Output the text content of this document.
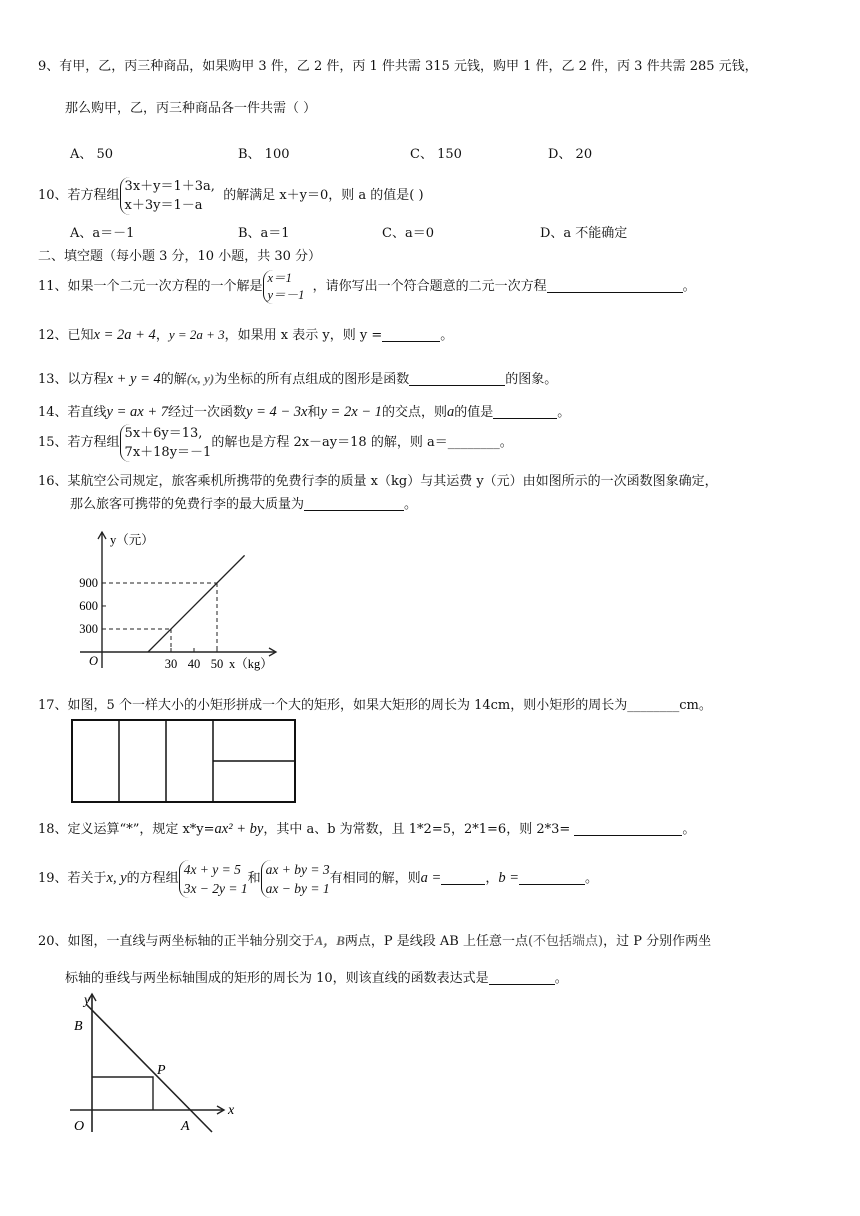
9、有甲，乙，丙三种商品，如果购甲 3 件，乙 2 件，丙 1 件共需 315 元钱，购甲 1 件，乙 2 件，丙 3 件共需 285 元钱，
那么购甲，乙，丙三种商品各一件共需（ ）
A、 50	B、 100	C、 150	D、 20
10、若方程组
3x＋y＝1＋3a,
x＋3y＝1－a
的解满足 x＋y＝0，则 a 的值是( )
A、a＝－1	B、a＝1	C、a＝0	D、a 不能确定
二、填空题（每小题 3 分，10 小题，共 30 分）
11、如果一个二元一次方程的一个解是
x＝1
y＝－1
，请你写出一个符合题意的二元一次方程	。
12、已知x = 2a + 4，y = 2a + 3，如果用 x 表示 y，则 y =	。
13、以方程x + y = 4的解(x, y)为坐标的所有点组成的图形是函数	的图象。
14、若直线y = ax + 7经过一次函数y = 4 − 3x和y = 2x − 1的交点，则a的值是	。
15、若方程组
5x＋6y＝13,
7x＋18y＝－1
的解也是方程 2x－ay＝18 的解，则 a＝________。
16、某航空公司规定，旅客乘机所携带的免费行李的质量 x（kg）与其运费 y（元）由如图所示的一次函数图象确定，
那么旅客可携带的免费行李的最大质量为	。
y（元）
x（kg）
O
900
600
300
30 40 50
17、如图，5 个一样大小的小矩形拼成一个大的矩形，如果大矩形的周长为 14cm，则小矩形的周长为________cm。
18、定义运算“*”，规定 x*y=ax² + by，其中 a、b 为常数，且 1*2=5，2*1=6，则 2*3=	。
19、若关于x, y的方程组
4x + y = 5
3x − 2y = 1
和
ax + by = 3
ax − by = 1
有相同的解，则a =	，b =	。
20、如图，一直线与两坐标轴的正半轴分别交于A，B两点，P 是线段 AB 上任意一点(不包括端点)，过 P 分别作两坐
标轴的垂线与两坐标轴围成的矩形的周长为 10，则该直线的函数表达式是	。
y
x
B
O	A
P
